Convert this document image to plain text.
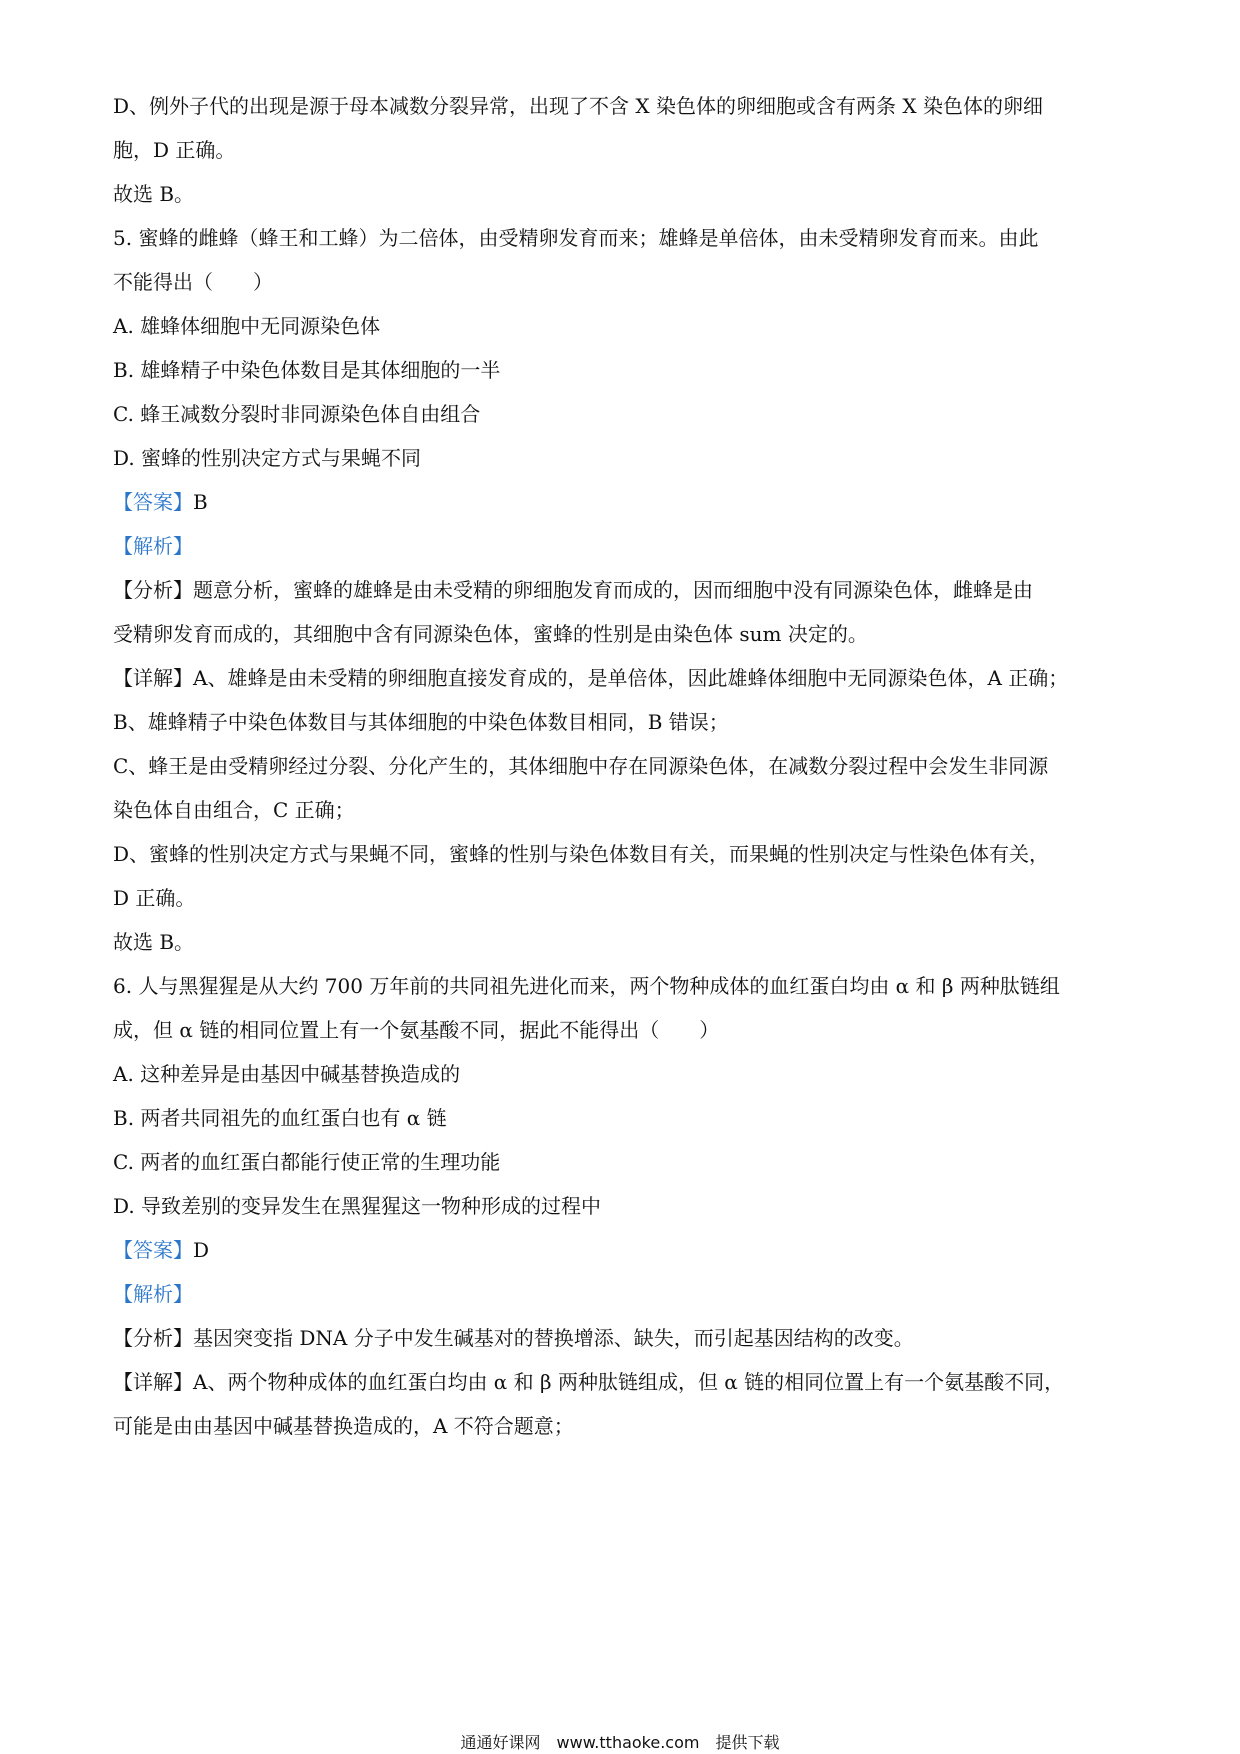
D、例外子代的出现是源于母本减数分裂异常，出现了不含 X 染色体的卵细胞或含有两条 X 染色体的卵细
胞，D 正确。
故选 B。
5. 蜜蜂的雌蜂（蜂王和工蜂）为二倍体，由受精卵发育而来；雄蜂是单倍体，由未受精卵发育而来。由此
不能得出（　　）
A. 雄蜂体细胞中无同源染色体
B. 雄蜂精子中染色体数目是其体细胞的一半
C. 蜂王减数分裂时非同源染色体自由组合
D. 蜜蜂的性别决定方式与果蝇不同
【答案】B
【解析】
【分析】题意分析，蜜蜂的雄蜂是由未受精的卵细胞发育而成的，因而细胞中没有同源染色体，雌蜂是由
受精卵发育而成的，其细胞中含有同源染色体，蜜蜂的性别是由染色体 sum 决定的。
【详解】A、雄蜂是由未受精的卵细胞直接发育成的，是单倍体，因此雄蜂体细胞中无同源染色体，A 正确；
B、雄蜂精子中染色体数目与其体细胞的中染色体数目相同，B 错误；
C、蜂王是由受精卵经过分裂、分化产生的，其体细胞中存在同源染色体，在减数分裂过程中会发生非同源
染色体自由组合，C 正确；
D、蜜蜂的性别决定方式与果蝇不同，蜜蜂的性别与染色体数目有关，而果蝇的性别决定与性染色体有关，
D 正确。
故选 B。
6. 人与黑猩猩是从大约 700 万年前的共同祖先进化而来，两个物种成体的血红蛋白均由 α 和 β 两种肽链组
成，但 α 链的相同位置上有一个氨基酸不同，据此不能得出（　　）
A. 这种差异是由基因中碱基替换造成的
B. 两者共同祖先的血红蛋白也有 α 链
C. 两者的血红蛋白都能行使正常的生理功能
D. 导致差别的变异发生在黑猩猩这一物种形成的过程中
【答案】D
【解析】
【分析】基因突变指 DNA 分子中发生碱基对的替换增添、缺失，而引起基因结构的改变。
【详解】A、两个物种成体的血红蛋白均由 α 和 β 两种肽链组成，但 α 链的相同位置上有一个氨基酸不同，
可能是由由基因中碱基替换造成的，A 不符合题意；
通通好课网　www.tthaoke.com　提供下载
